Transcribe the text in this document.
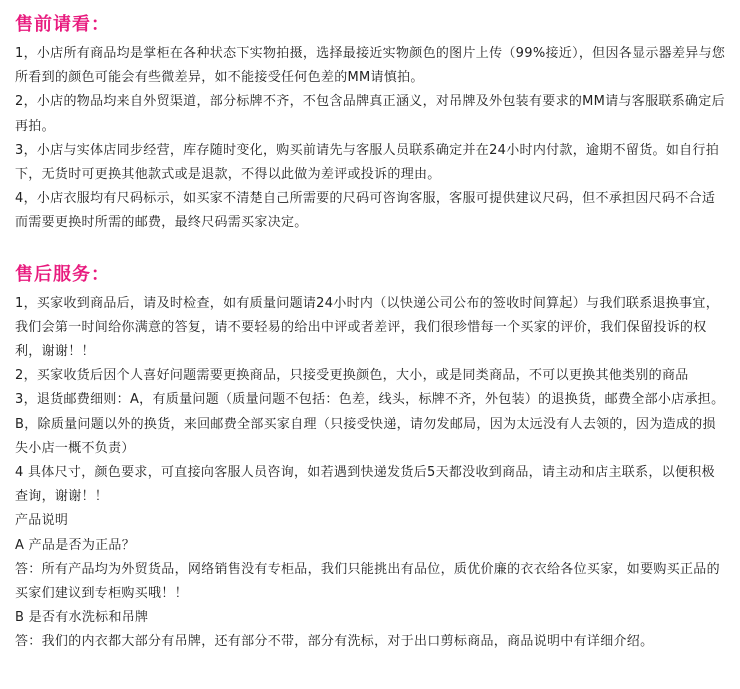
售前请看：

1，小店所有商品均是掌柜在各种状态下实物拍摄，选择最接近实物颜色的图片上传（99%接近），但因各显示器差异与您所看到的颜色可能会有些微差异，如不能接受任何色差的MM请慎拍。

2，小店的物品均来自外贸渠道，部分标牌不齐，不包含品牌真正涵义，对吊牌及外包装有要求的MM请与客服联系确定后再拍。

3，小店与实体店同步经营，库存随时变化，购买前请先与客服人员联系确定并在24小时内付款，逾期不留货。如自行拍下，无货时可更换其他款式或是退款，不得以此做为差评或投诉的理由。

4，小店衣服均有尺码标示，如买家不清楚自己所需要的尺码可咨询客服，客服可提供建议尺码，但不承担因尺码不合适而需要更换时所需的邮费，最终尺码需买家决定。

售后服务：

1，买家收到商品后，请及时检查，如有质量问题请24小时内（以快递公司公布的签收时间算起）与我们联系退换事宜，我们会第一时间给你满意的答复，请不要轻易的给出中评或者差评，我们很珍惜每一个买家的评价，我们保留投诉的权利，谢谢！！

2，买家收货后因个人喜好问题需要更换商品，只接受更换颜色，大小，或是同类商品，不可以更换其他类别的商品

3，退货邮费细则：A，有质量问题（质量问题不包括：色差，线头，标牌不齐，外包装）的退换货，邮费全部小店承担。B，除质量问题以外的换货，来回邮费全部买家自理（只接受快递，请勿发邮局，因为太远没有人去领的，因为造成的损失小店一概不负责）

4 具体尺寸，颜色要求，可直接向客服人员咨询，如若遇到快递发货后5天都没收到商品，请主动和店主联系，以便积极查询，谢谢！！

产品说明

A 产品是否为正品？

答：所有产品均为外贸货品，网络销售没有专柜品，我们只能挑出有品位，质优价廉的衣衣给各位买家，如要购买正品的买家们建议到专柜购买哦！！

B 是否有水洗标和吊牌

答：我们的内衣都大部分有吊牌，还有部分不带，部分有洗标，对于出口剪标商品，商品说明中有详细介绍。
